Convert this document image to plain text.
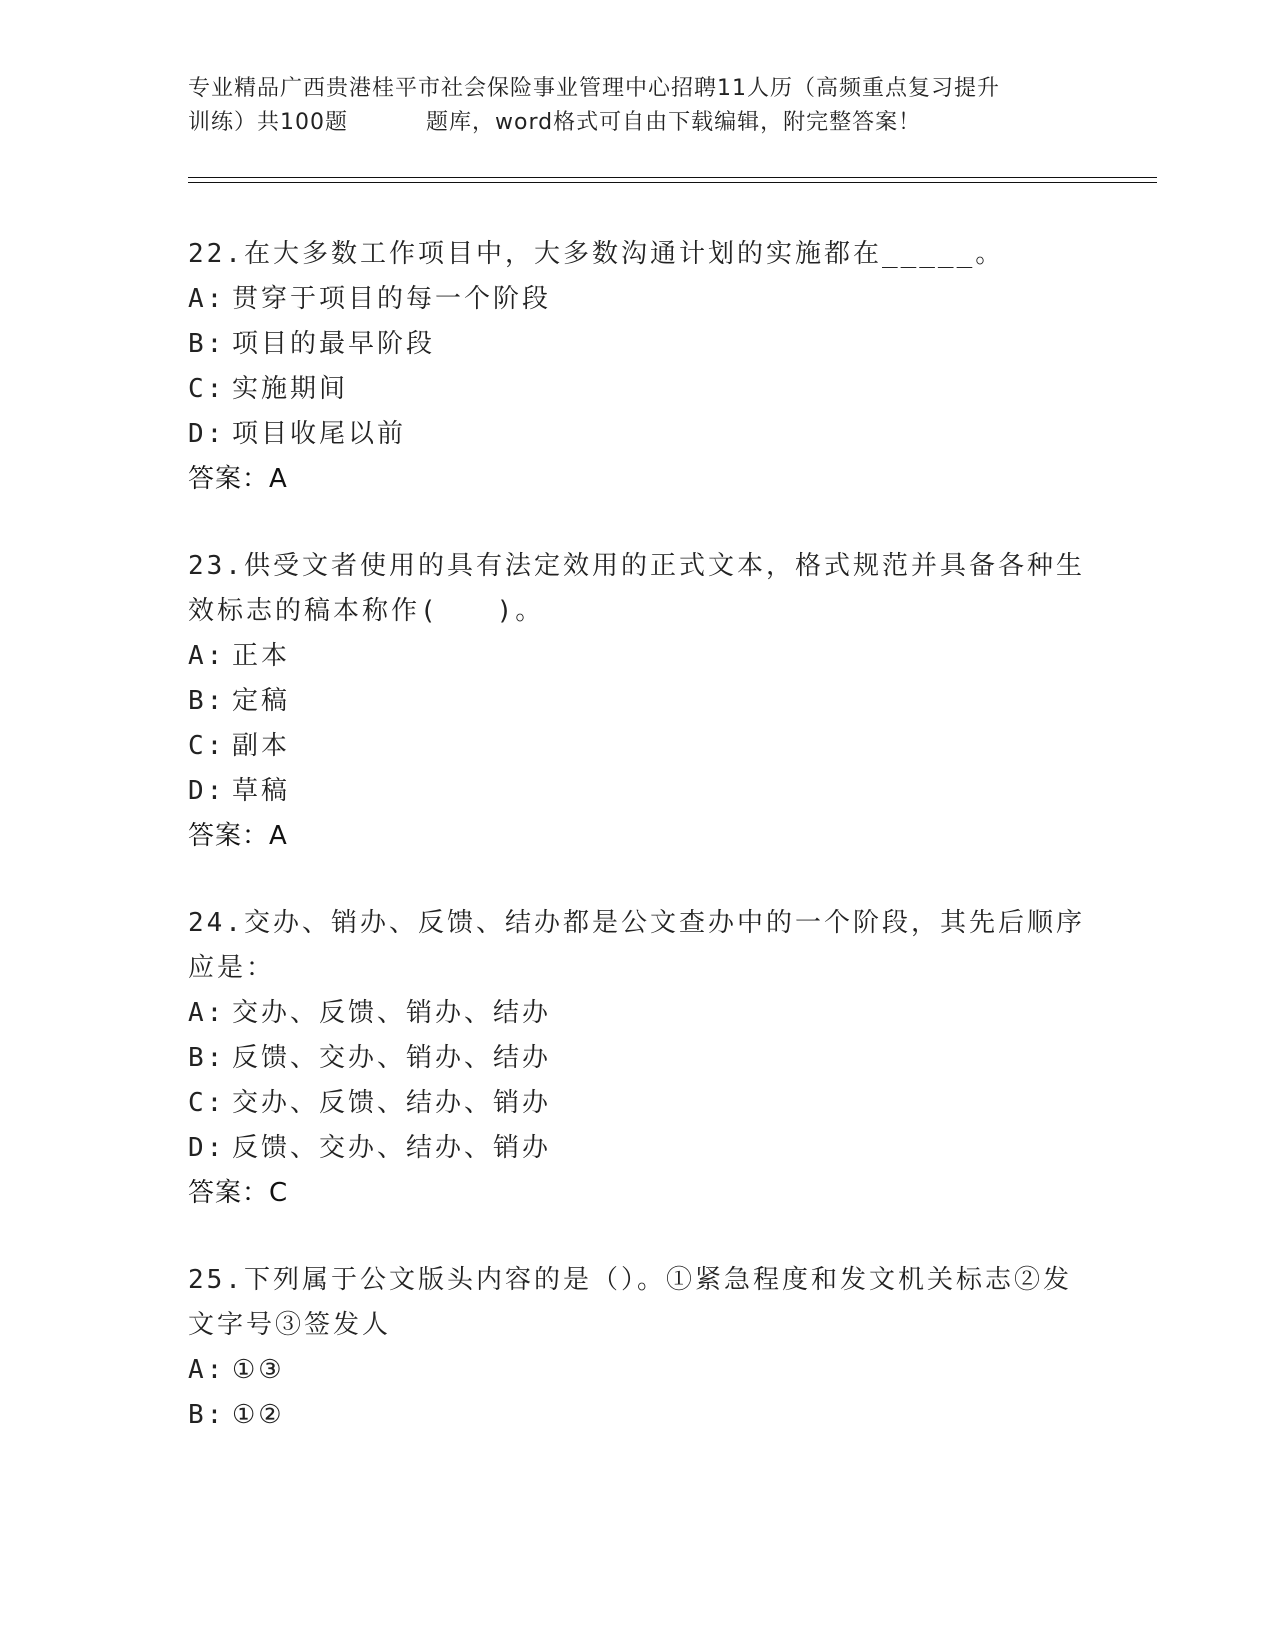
专业精品广西贵港桂平市社会保险事业管理中心招聘11人历（高频重点复习提升
训练）共100题	题库，word格式可自由下载编辑，附完整答案！

22.在大多数工作项目中，大多数沟通计划的实施都在_____。

A: 贯穿于项目的每一个阶段

B: 项目的最早阶段

C: 实施期间

D: 项目收尾以前

答案：A

23.供受文者使用的具有法定效用的正式文本，格式规范并具备各种生

效标志的稿本称作(　　)。

A: 正本

B: 定稿

C: 副本

D: 草稿

答案：A

24.交办、销办、反馈、结办都是公文查办中的一个阶段，其先后顺序

应是：

A: 交办、反馈、销办、结办

B: 反馈、交办、销办、结办

C: 交办、反馈、结办、销办

D: 反馈、交办、结办、销办

答案：C

25.下列属于公文版头内容的是（）。①紧急程度和发文机关标志②发

文字号③签发人

A: ①③

B: ①②
